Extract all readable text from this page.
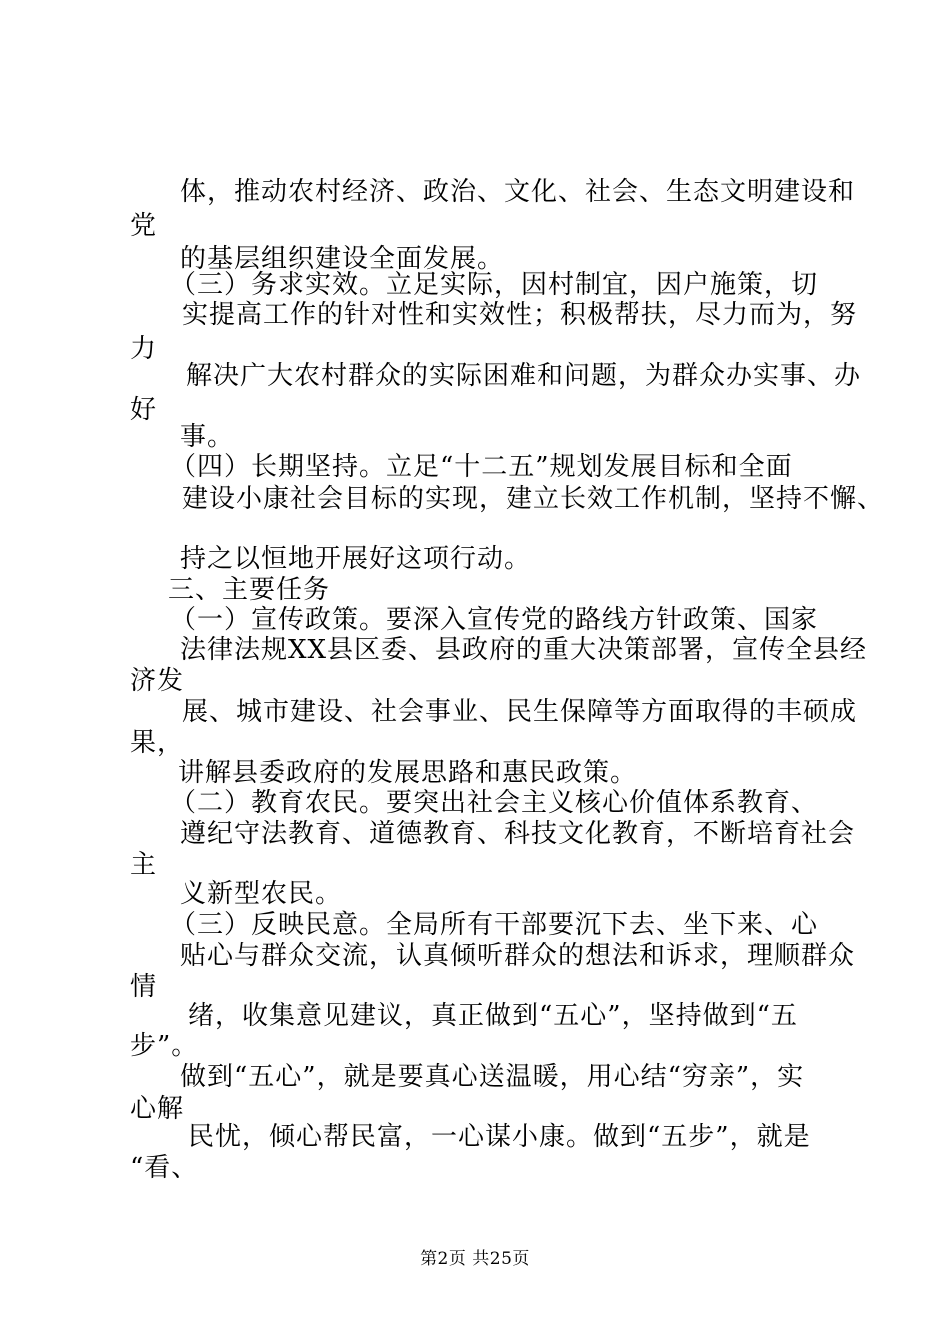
体，推动农村经济、政治、文化、社会、生态文明建设和
党
的基层组织建设全面发展。
（三）务求实效。立足实际，因村制宜，因户施策，切
实提高工作的针对性和实效性；积极帮扶，尽力而为，努
力
解决广大农村群众的实际困难和问题，为群众办实事、办
好
事。
（四）长期坚持。立足“十二五”规划发展目标和全面
建设小康社会目标的实现，建立长效工作机制，坚持不懈、
持之以恒地开展好这项行动。
三、主要任务
（一）宣传政策。要深入宣传党的路线方针政策、国家
法律法规XX县区委、县政府的重大决策部署，宣传全县经
济发
展、城市建设、社会事业、民生保障等方面取得的丰硕成
果，
讲解县委政府的发展思路和惠民政策。
（二）教育农民。要突出社会主义核心价值体系教育、
遵纪守法教育、道德教育、科技文化教育，不断培育社会
主
义新型农民。
（三）反映民意。全局所有干部要沉下去、坐下来、心
贴心与群众交流，认真倾听群众的想法和诉求，理顺群众
情
绪，收集意见建议，真正做到“五心”，坚持做到“五
步”。
做到“五心”，就是要真心送温暖，用心结“穷亲”，实
心解
民忧，倾心帮民富，一心谋小康。做到“五步”，就是
“看、
第2页 共25页
